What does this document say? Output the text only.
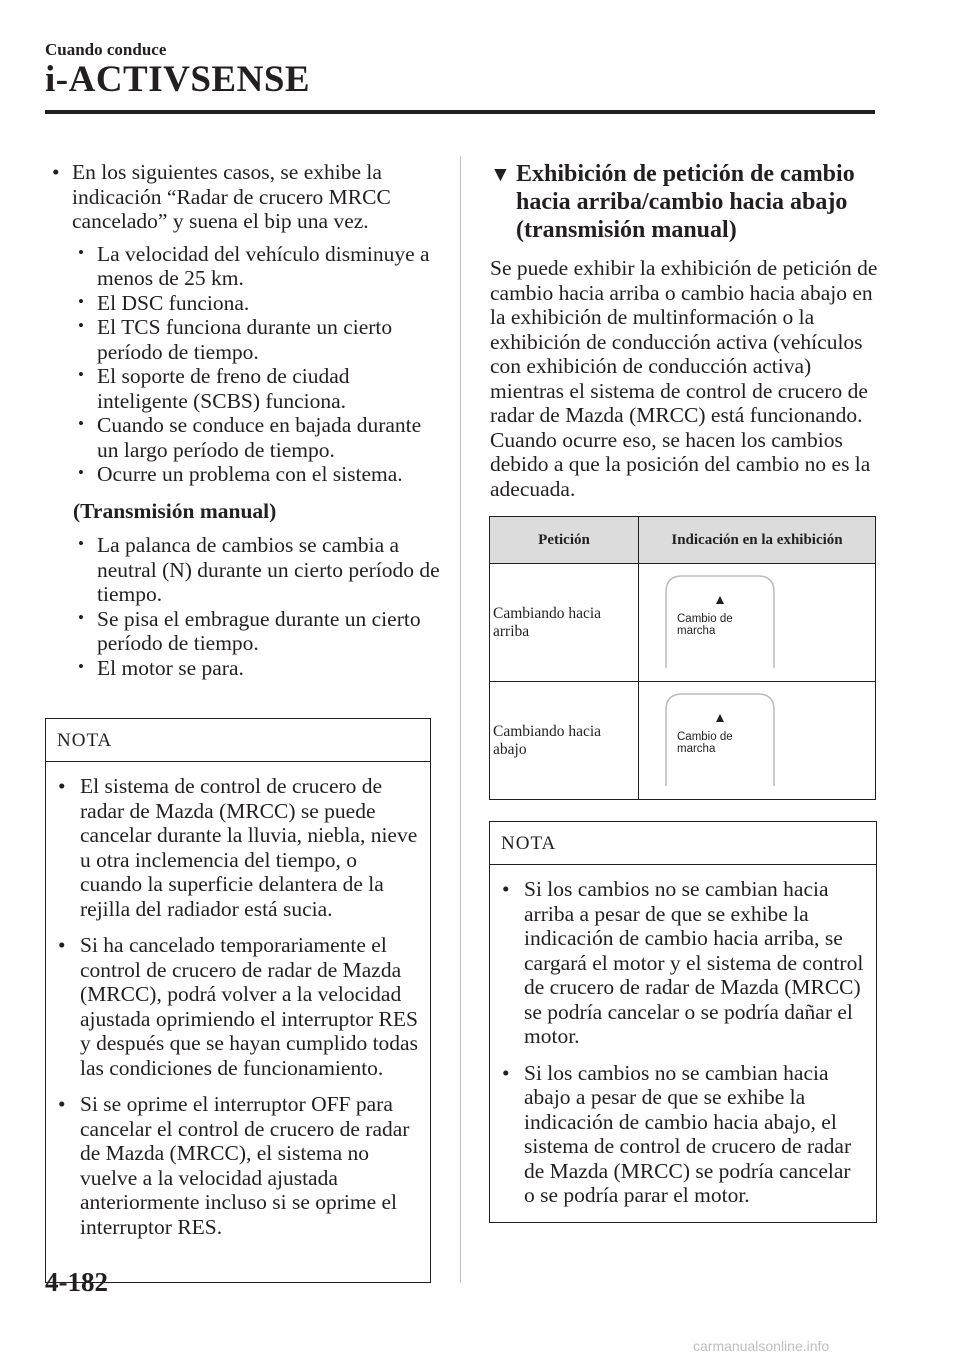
Cuando conduce
i-ACTIVSENSE
• En los siguientes casos, se exhibe la indicación “Radar de crucero MRCC cancelado” y suena el bip una vez.
• La velocidad del vehículo disminuye a menos de 25 km.
• El DSC funciona.
• El TCS funciona durante un cierto período de tiempo.
• El soporte de freno de ciudad inteligente (SCBS) funciona.
• Cuando se conduce en bajada durante un largo período de tiempo.
• Ocurre un problema con el sistema.
(Transmisión manual)
• La palanca de cambios se cambia a neutral (N) durante un cierto período de tiempo.
• Se pisa el embrague durante un cierto período de tiempo.
• El motor se para.
NOTA
• El sistema de control de crucero de radar de Mazda (MRCC) se puede cancelar durante la lluvia, niebla, nieve u otra inclemencia del tiempo, o cuando la superficie delantera de la rejilla del radiador está sucia.
• Si ha cancelado temporariamente el control de crucero de radar de Mazda (MRCC), podrá volver a la velocidad ajustada oprimiendo el interruptor RES y después que se hayan cumplido todas las condiciones de funcionamiento.
• Si se oprime el interruptor OFF para cancelar el control de crucero de radar de Mazda (MRCC), el sistema no vuelve a la velocidad ajustada anteriormente incluso si se oprime el interruptor RES.
▼ Exhibición de petición de cambio hacia arriba/cambio hacia abajo (transmisión manual)
Se puede exhibir la exhibición de petición de cambio hacia arriba o cambio hacia abajo en la exhibición de multinformación o la exhibición de conducción activa (vehículos con exhibición de conducción activa) mientras el sistema de control de crucero de radar de Mazda (MRCC) está funcionando. Cuando ocurre eso, se hacen los cambios debido a que la posición del cambio no es la adecuada.
Petición	Indicación en la exhibición
Cambiando hacia arriba	Cambio de
marcha

Cambiando hacia abajo	Cambio de
marcha
NOTA
• Si los cambios no se cambian hacia arriba a pesar de que se exhibe la indicación de cambio hacia arriba, se cargará el motor y el sistema de control de crucero de radar de Mazda (MRCC) se podría cancelar o se podría dañar el motor.
• Si los cambios no se cambian hacia abajo a pesar de que se exhibe la indicación de cambio hacia abajo, el sistema de control de crucero de radar de Mazda (MRCC) se podría cancelar o se podría parar el motor.
4-182
carmanualsonline.info
